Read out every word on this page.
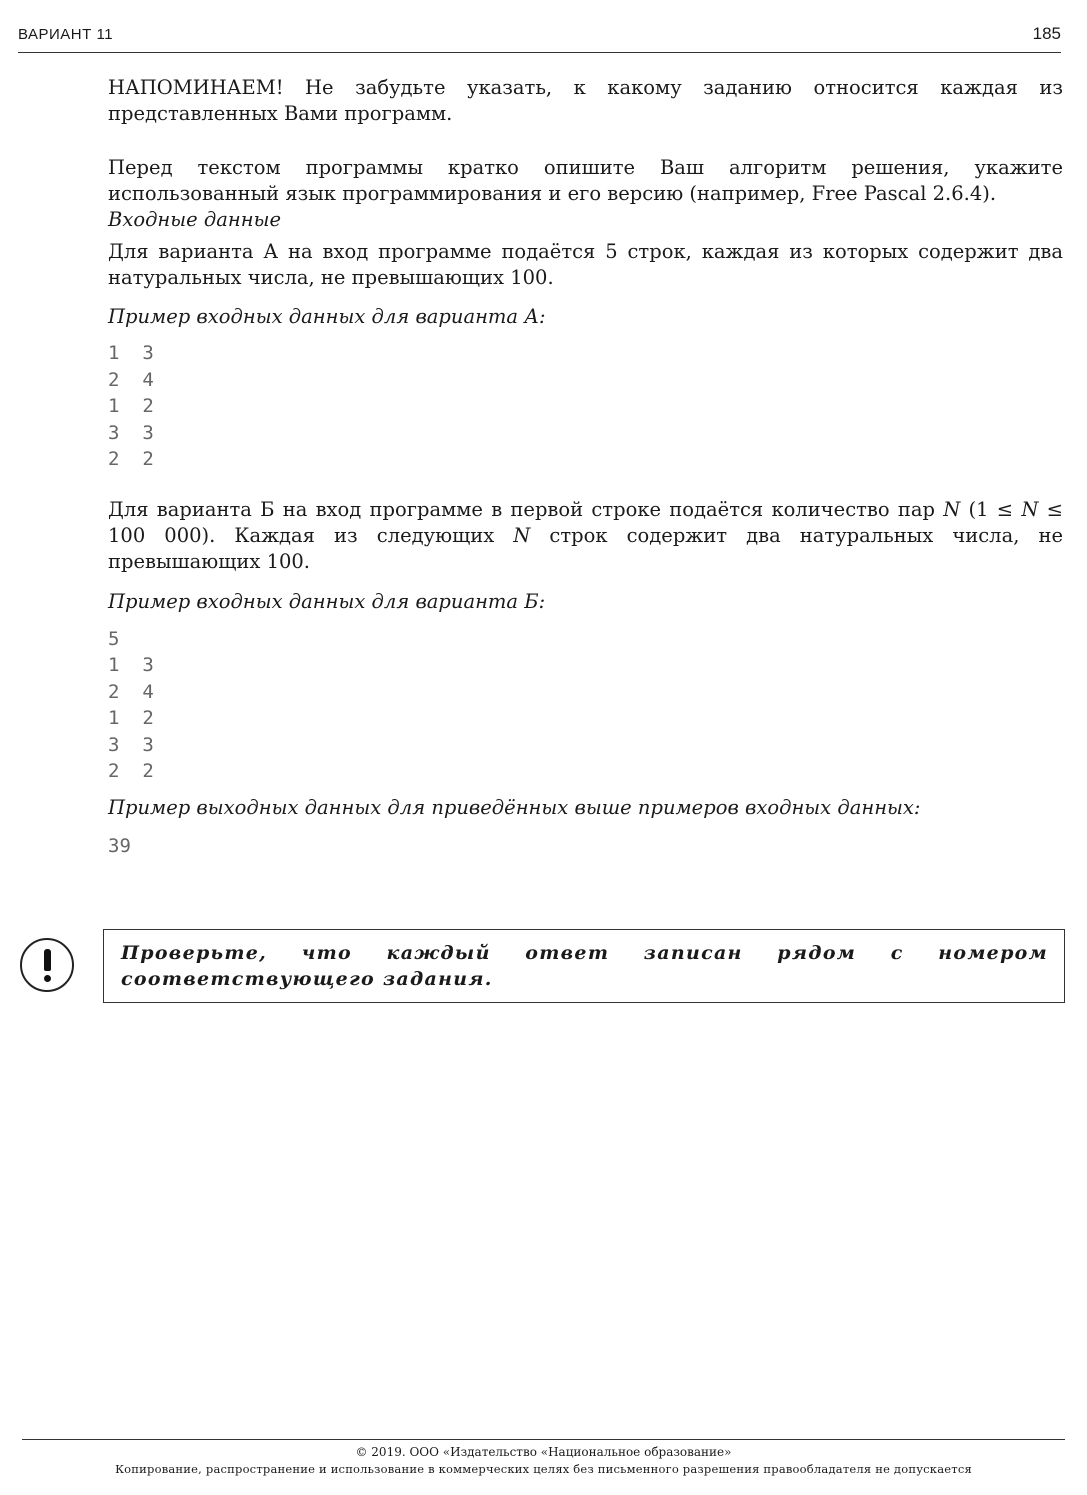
ВАРИАНТ 11	185

НАПОМИНАЕМ! Не забудьте указать, к какому заданию относится каждая из представленных Вами программ.

Перед текстом программы кратко опишите Ваш алгоритм решения, укажите использованный язык программирования и его версию (например, Free Pascal 2.6.4).

Входные данные

Для варианта А на вход программе подаётся 5 строк, каждая из которых содержит два натуральных числа, не превышающих 100.

Пример входных данных для варианта А:

1  3

2  4

1  2

3  3

2  2

Для варианта Б на вход программе в первой строке подаётся количество пар N (1 ≤ N ≤ 100 000). Каждая из следующих N строк содержит два натуральных числа, не превышающих 100.

Пример входных данных для варианта Б:

5

1  3

2  4

1  2

3  3

2  2

Пример выходных данных для приведённых выше примеров входных данных:

39

Проверьте, что каждый ответ записан рядом с номером соответствующего задания.

© 2019. ООО «Издательство «Национальное образование»
Копирование, распространение и использование в коммерческих целях без письменного разрешения правообладателя не допускается
